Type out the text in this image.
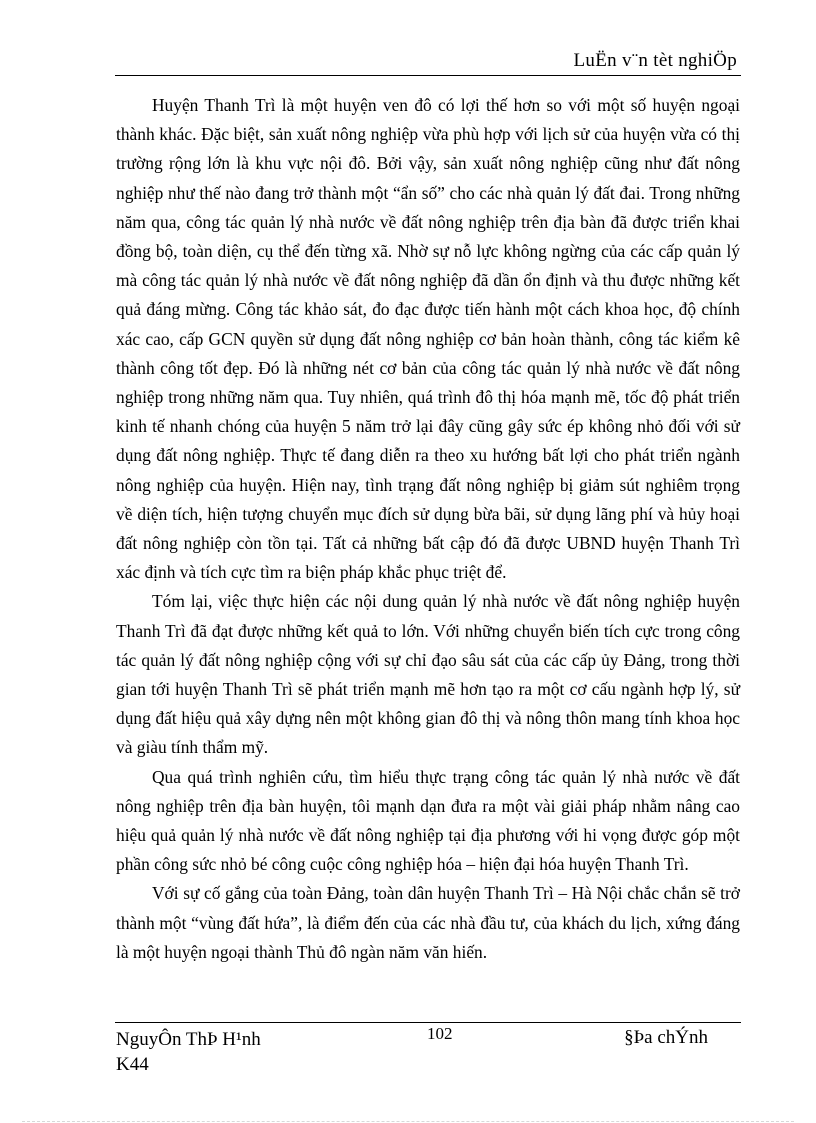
LuËn v¨n tèt nghiÖp

Huyện Thanh Trì là một huyện ven đô có lợi thế hơn so với một số huyện ngoại thành khác. Đặc biệt, sản xuất nông nghiệp vừa phù hợp với lịch sử của huyện vừa có thị trường rộng lớn là khu vực nội đô. Bởi vậy, sản xuất nông nghiệp cũng như đất nông nghiệp như thế nào đang trở thành một “ẩn số” cho các nhà quản lý đất đai. Trong những năm qua, công tác quản lý nhà nước về đất nông nghiệp trên địa bàn đã được triển khai đồng bộ, toàn diện, cụ thể đến từng xã. Nhờ sự nỗ lực không ngừng của các cấp quản lý mà công tác quản lý nhà nước về đất nông nghiệp đã dần ổn định và thu được những kết quả đáng mừng. Công tác khảo sát, đo đạc được tiến hành một cách khoa học, độ chính xác cao, cấp GCN quyền sử dụng đất nông nghiệp cơ bản hoàn thành, công tác kiểm kê thành công tốt đẹp. Đó là những nét cơ bản của công tác quản lý nhà nước về đất nông nghiệp trong những năm qua. Tuy nhiên, quá trình đô thị hóa mạnh mẽ, tốc độ phát triển kinh tế nhanh chóng của huyện 5 năm trở lại đây cũng gây sức ép không nhỏ đối với sử dụng đất nông nghiệp. Thực tế đang diễn ra theo xu hướng bất lợi cho phát triển ngành nông nghiệp của huyện. Hiện nay, tình trạng đất nông nghiệp bị giảm sút nghiêm trọng về diện tích, hiện tượng chuyển mục đích sử dụng bừa bãi, sử dụng lãng phí và hủy hoại đất nông nghiệp còn tồn tại. Tất cả những bất cập đó đã được UBND huyện Thanh Trì xác định và tích cực tìm ra biện pháp khắc phục triệt để.

Tóm lại, việc thực hiện các nội dung quản lý nhà nước về đất nông nghiệp huyện Thanh Trì đã đạt được những kết quả to lớn. Với những chuyển biến tích cực trong công tác quản lý đất nông nghiệp cộng với sự chỉ đạo sâu sát của các cấp ủy Đảng, trong thời gian tới huyện Thanh Trì sẽ phát triển mạnh mẽ hơn tạo ra một cơ cấu ngành hợp lý, sử dụng đất hiệu quả xây dựng nên một không gian đô thị và nông thôn mang tính khoa học và giàu tính thẩm mỹ.

Qua quá trình nghiên cứu, tìm hiểu thực trạng công tác quản lý nhà nước về đất nông nghiệp trên địa bàn huyện, tôi mạnh dạn đưa ra một vài giải pháp nhằm nâng cao hiệu quả quản lý nhà nước về đất nông nghiệp tại địa phương với hi vọng được góp một phần công sức nhỏ bé công cuộc công nghiệp hóa – hiện đại hóa huyện Thanh Trì.

Với sự cố gắng của toàn Đảng, toàn dân huyện Thanh Trì – Hà Nội chắc chắn sẽ trở thành một “vùng đất hứa”, là điểm đến của các nhà đầu tư, của khách du lịch, xứng đáng là một huyện ngoại thành Thủ đô ngàn năm văn hiến.

NguyÔn ThÞ H¹nh
K44
102	§Þa chÝnh
